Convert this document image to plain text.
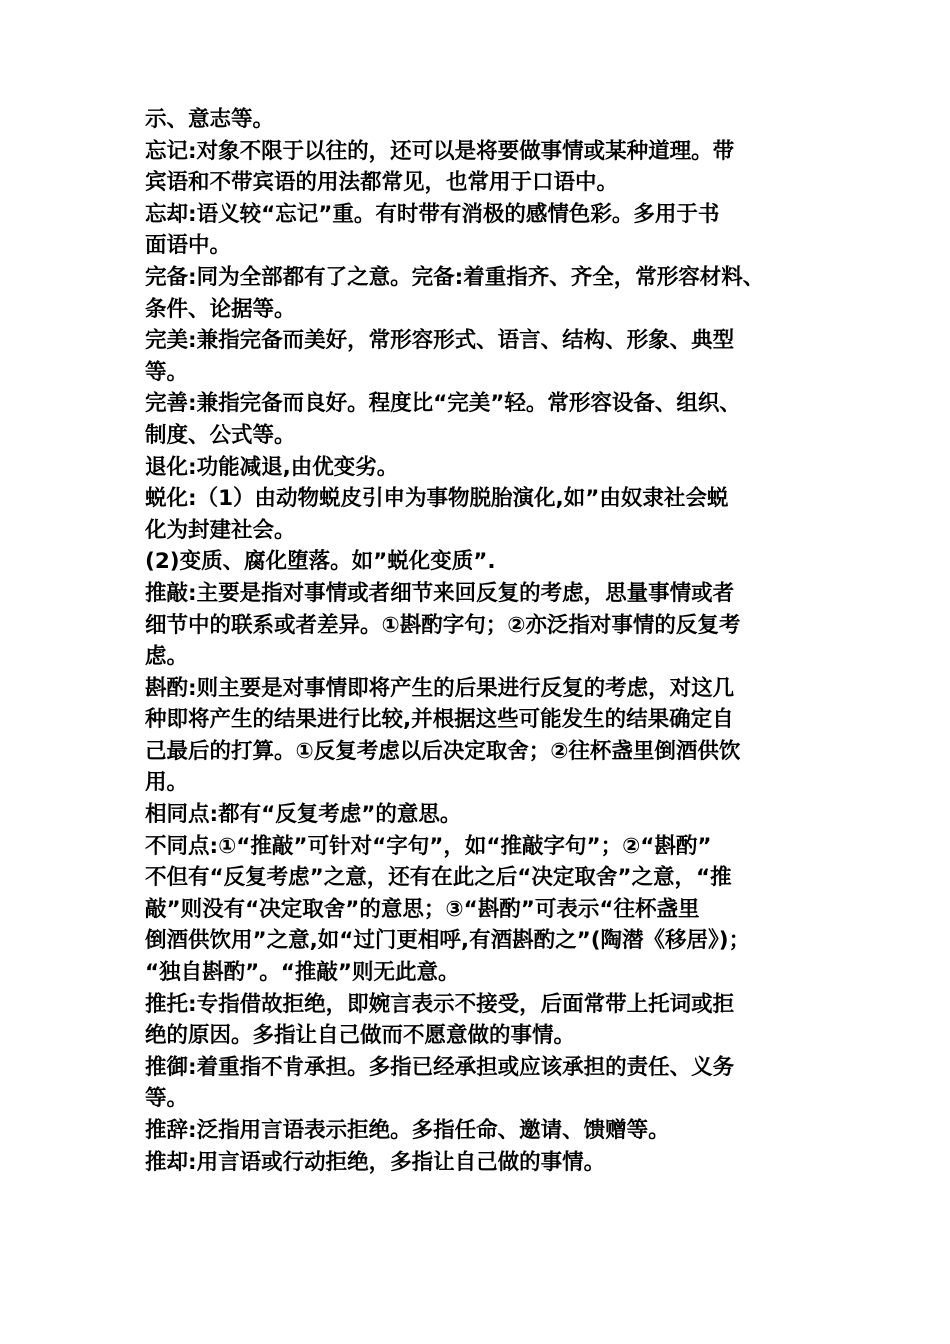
示、意志等。
忘记:对象不限于以往的，还可以是将要做事情或某种道理。带
宾语和不带宾语的用法都常见，也常用于口语中。
忘却:语义较“忘记”重。有时带有消极的感情色彩。多用于书
面语中。
完备:同为全部都有了之意。完备:着重指齐、齐全，常形容材料、
条件、论据等。
完美:兼指完备而美好，常形容形式、语言、结构、形象、典型
等。
完善:兼指完备而良好。程度比“完美”轻。常形容设备、组织、
制度、公式等。
退化:功能减退,由优变劣。
蜕化:（1）由动物蜕皮引申为事物脱胎演化,如”由奴隶社会蜕
化为封建社会。
(2)变质、腐化堕落。如”蜕化变质”.
推敲:主要是指对事情或者细节来回反复的考虑，思量事情或者
细节中的联系或者差异。①斟酌字句；②亦泛指对事情的反复考
虑。
斟酌:则主要是对事情即将产生的后果进行反复的考虑，对这几
种即将产生的结果进行比较,并根据这些可能发生的结果确定自
己最后的打算。①反复考虑以后决定取舍；②往杯盏里倒酒供饮
用。
相同点:都有“反复考虑”的意思。
不同点:①“推敲”可针对“字句”，如“推敲字句”；②“斟酌”
不但有“反复考虑”之意，还有在此之后“决定取舍”之意，“推
敲”则没有“决定取舍”的意思；③“斟酌”可表示“往杯盏里
倒酒供饮用”之意,如“过门更相呼,有酒斟酌之”(陶潜《移居》)；
“独自斟酌”。“推敲”则无此意。
推托:专指借故拒绝，即婉言表示不接受，后面常带上托词或拒
绝的原因。多指让自己做而不愿意做的事情。
推御:着重指不肯承担。多指已经承担或应该承担的责任、义务
等。
推辞:泛指用言语表示拒绝。多指任命、邀请、馈赠等。
推却:用言语或行动拒绝，多指让自己做的事情。
